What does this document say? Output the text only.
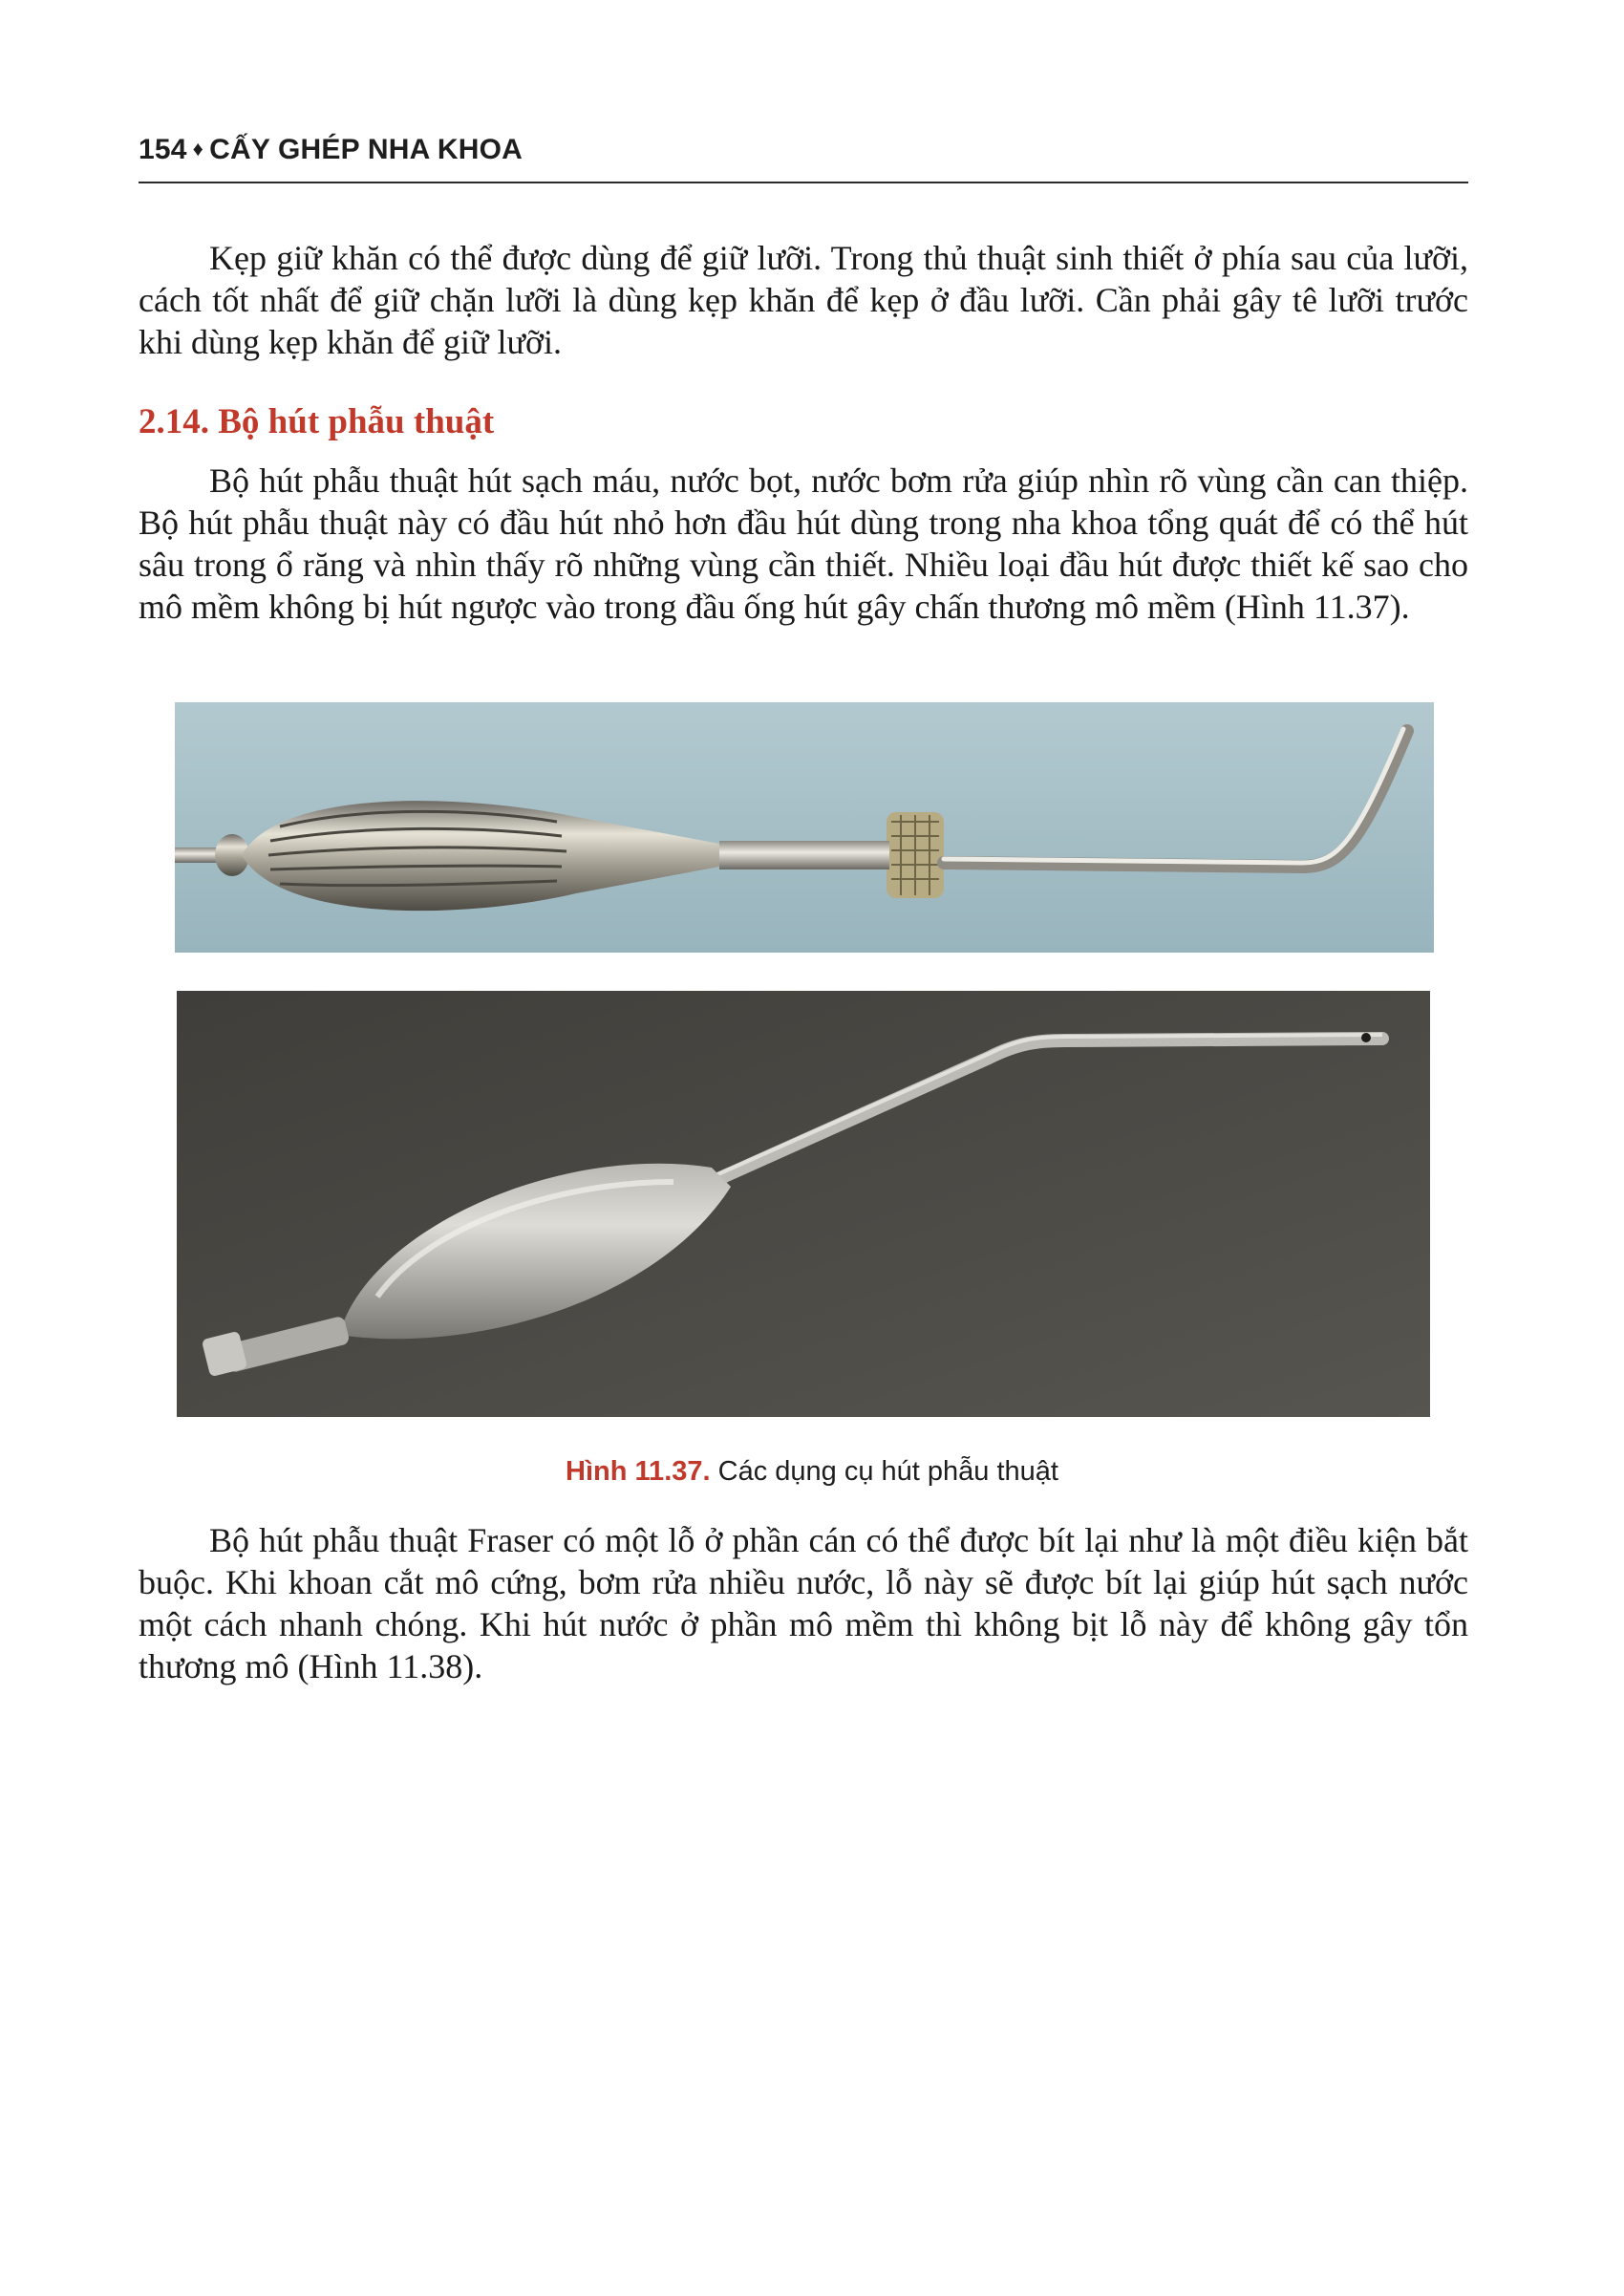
154 ♦ CẤY GHÉP NHA KHOA

Kẹp giữ khăn có thể được dùng để giữ lưỡi. Trong thủ thuật sinh thiết ở phía sau của lưỡi, cách tốt nhất để giữ chặn lưỡi là dùng kẹp khăn để kẹp ở đầu lưỡi. Cần phải gây tê lưỡi trước khi dùng kẹp khăn để giữ lưỡi.

2.14. Bộ hút phẫu thuật

Bộ hút phẫu thuật hút sạch máu, nước bọt, nước bơm rửa giúp nhìn rõ vùng cần can thiệp. Bộ hút phẫu thuật này có đầu hút nhỏ hơn đầu hút dùng trong nha khoa tổng quát để có thể hút sâu trong ổ răng và nhìn thấy rõ những vùng cần thiết. Nhiều loại đầu hút được thiết kế sao cho mô mềm không bị hút ngược vào trong đầu ống hút gây chấn thương mô mềm (Hình 11.37).

Hình 11.37. Các dụng cụ hút phẫu thuật

Bộ hút phẫu thuật Fraser có một lỗ ở phần cán có thể được bít lại như là một điều kiện bắt buộc. Khi khoan cắt mô cứng, bơm rửa nhiều nước, lỗ này sẽ được bít lại giúp hút sạch nước một cách nhanh chóng. Khi hút nước ở phần mô mềm thì không bịt lỗ này để không gây tổn thương mô (Hình 11.38).
